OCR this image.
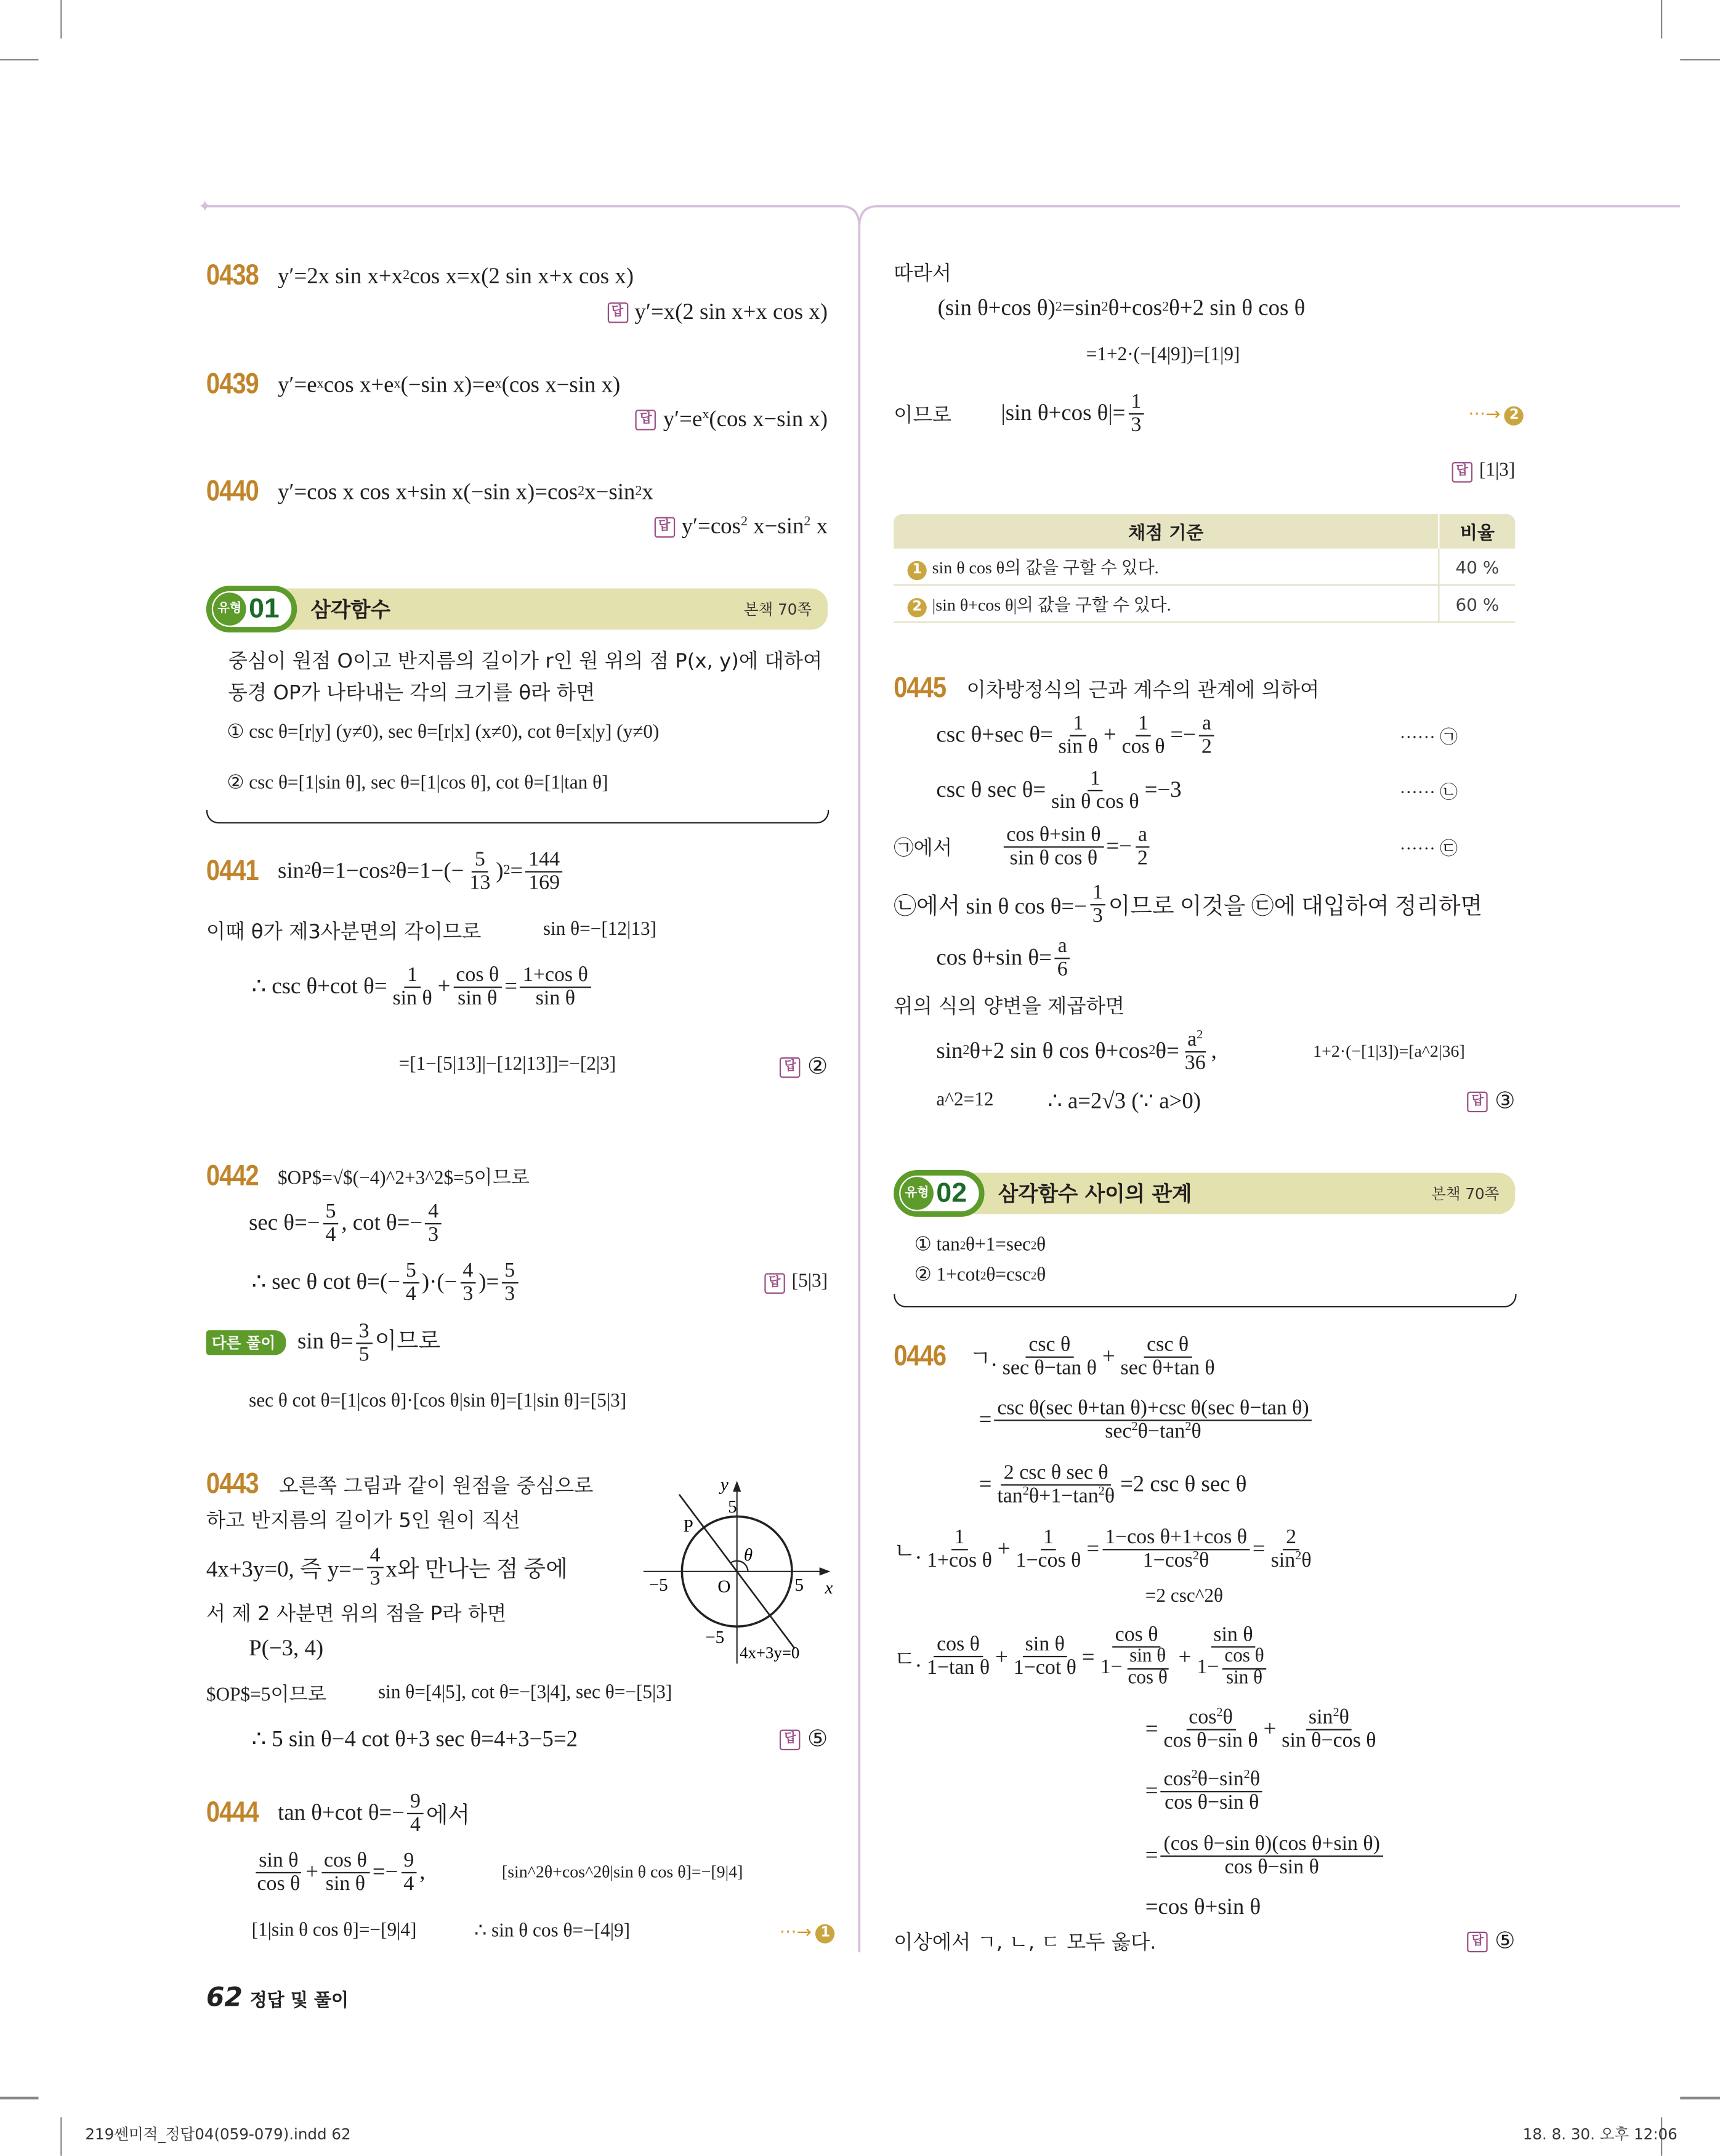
✦
0438 y′=2x sin x+x 2 cos x=x(2 sin x+x cos x)
답	y′=x(2 sin x+x cos x)
0439 y′=e x cos x+e x (−sin x)=e x (cos x−sin x)
답	$y'=e^x(\cos$ x−sin x)
0440 y′=cos x cos x+sin x(−sin x)=cos 2 x−sin 2 x
답	$y'=\cos^2$ $x-\sin^2$ x
유형 01	삼각함수	본책 70쪽
중심이 원점 O이고 반지름의 길이가 r인 원 위의 점 P(x, y)에 대하여
동경 OP가 나타내는 각의 크기를 θ라 하면
① csc θ=[r|y] (y≠0), sec θ=[r|x] (x≠0), cot θ=[x|y] (y≠0)
② csc θ=[1|sin θ], sec θ=[1|cos θ], cot θ=[1|tan θ]
0441 sin 2 θ=1−cos 2 θ=1−(− 5
13 ) 2 = 144
169
이때 θ가 제3사분면의 각이므로	sin θ=−[12|13]
∴ csc θ+cot θ= 1
sin θ + cos θ
sin θ = 1+cos θ
sin θ
=[1−[5|13]|−[12|13]]=−[2|3]	답	②
0442 $OP$=√$(−4)^2+3^2$=5이므로
sec θ=− 5
4 , cot θ=− 4
3
∴ sec θ cot θ=(− 5
4 )·(− 4
3 )= 5
3	답	[5|3]
다른 풀이	$\sin \theta= \frac{3}{5}$ 이므로
sec θ cot θ=[1|cos θ]·[cos θ|sin θ]=[1|sin θ]=[5|3]
0443 오른쪽 그림과 같이 원점을 중심으로
하고 반지름의 길이가 5인 원이 직선
4x+3y=0, 즉 y=−
4
3 x와 만나는 점 중에
서 제 2 사분면 위의 점을 P라 하면
P(−3, 4)
$OP$=5이므로	sin θ=[4|5], cot θ=−[3|4], sec θ=−[5|3]
∴ 5 sin θ−4 cot θ+3 sec θ=4+3−5=2	답	⑤
y
x
5
P
θ
−5	O	5
−5
4x+3y=0
0444 tan θ+cot θ=− 9
4 에서
sin θ
cos θ + cos θ
sin θ =− 9
4 ,	[sin^2θ+cos^2θ|sin θ cos θ]=−[9|4]
[1|sin θ cos θ]=−[9|4]	∴ sin θ cos θ=−[4|9]	···→	1
62 정답 및 풀이
219쎈미적_정답04(059-079).indd 62	18. 8. 30. 오후 12:06
따라서
(sin θ+cos θ) 2 =sin 2 θ+cos 2 θ+2 sin θ cos θ
=1+2·(−[4|9])=[1|9]
이므로	|sin θ+cos θ|= 1
3	···→	2
답	[1|3]
채점 기준	비율
1 sin θ cos θ의 값을 구할 수 있다.	40 %
2 |sin θ+cos θ|의 값을 구할 수 있다.	60 %
0445 이차방정식의 근과 계수의 관계에 의하여
csc θ+sec θ= 1
sin θ + 1
cos θ =− a
2	······ ㉠
csc θ sec θ=	1
sin θ cos θ =−3	······ ㉡
㉠에서
cos θ+sin θ
sin θ cos θ =− a
2	······ ㉢
㉡에서 sin θ cos θ=−
1
3 이므로 이것을 ㉢에 대입하여 정리하면
cos θ+sin θ= a
6
위의 식의 양변을 제곱하면
sin 2 θ+2 sin θ cos θ+cos 2 $\theta= a^2$
36 ,	1+2·(−[1|3])=[a^2|36]
a^2=12	∴ a=2√3 (∵ a>0)	답	③
유형 02	삼각함수 사이의 관계	본책 70쪽
① tan 2 θ+1=sec 2 θ
② 1+cot 2 θ=csc 2 θ
0446 ㄱ.
csc θ
sec θ−tan θ +	csc θ
sec θ+tan θ
= csc θ(sec θ+tan θ)+csc θ(sec θ−tan θ)
$\sec^2\theta-\tan^2\theta$
= 2 csc θ sec θ
$\tan^2\theta+1-\tan^2\theta =2$ csc θ sec θ
ㄴ.
1
1+cos θ +	1
1−cos θ = 1−cos θ+1+cos θ
$1-\cos^2\theta$	= 2
$\sin^2\theta$
=2 csc^2θ
ㄷ.
cos θ
1−tan θ + sin θ
1−cot θ =
cos θ
$1- \frac{\text{sin θ}}{\text{cos θ}}$ +
sin θ
$1- \frac{\text{cos θ}}{\text{sin θ}}$
=	$\cos^2\theta$
cos θ−sin θ +	$\sin^2\theta$
sin θ−cos θ
= $\cos^2\theta-\sin^2\theta$
cos θ−sin θ
= (cos θ−sin θ)(cos θ+sin θ)
cos θ−sin θ
=cos θ+sin θ
이상에서 ㄱ, ㄴ, ㄷ 모두 옳다.	답	⑤
